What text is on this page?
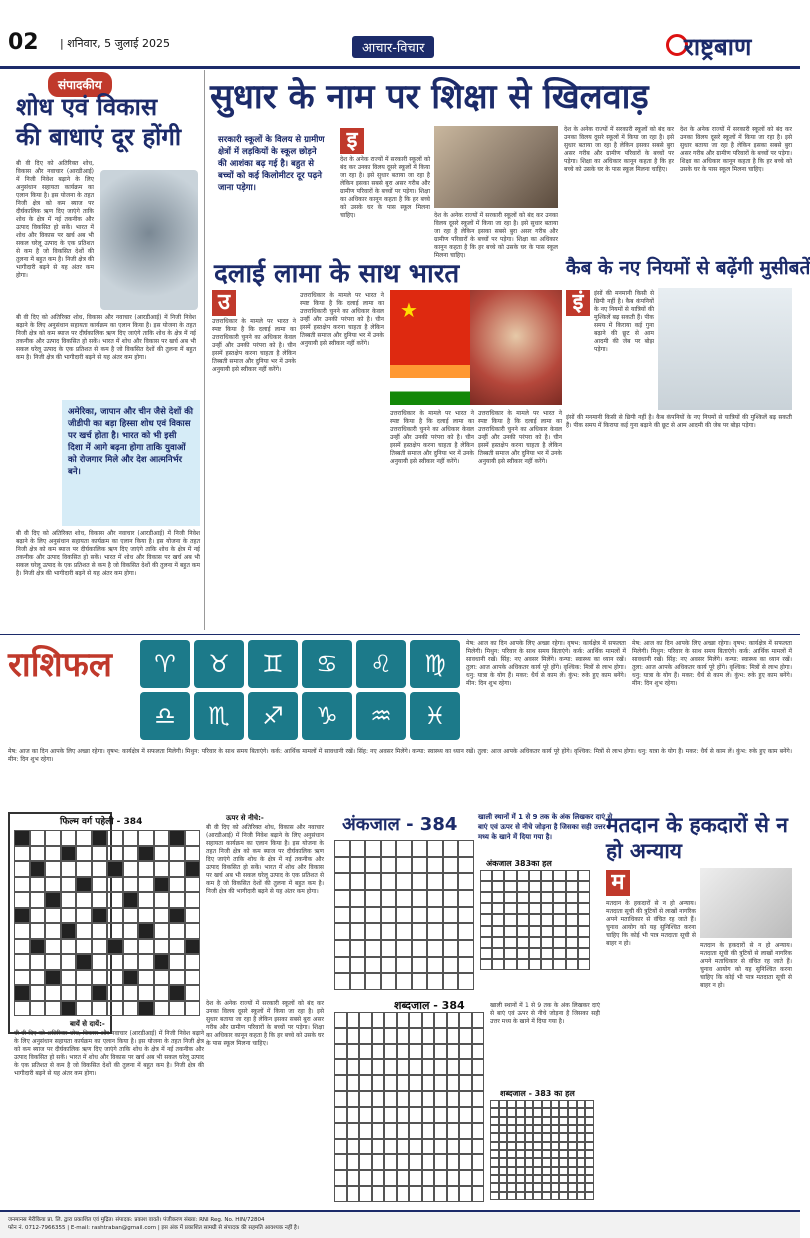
02 | शनिवार, 5 जुलाई 2025	आचार-विचार	राष्ट्रबाण
संपादकीय
शोध एवं विकास की बाधाएं दूर होंगी
बी वी दिए को अतिरिक्त शोध, विकास और नवाचार (आरडीआई) में निजी निवेश बढ़ाने के लिए अनुसंधान सहायता कार्यक्रम का एलान किया है। इस योजना के तहत निजी क्षेत्र को कम ब्याज पर दीर्घकालिक ऋण दिए जाएंगे ताकि शोध के क्षेत्र में नई तकनीक और उत्पाद विकसित हो सकें। भारत में शोध और विकास पर खर्च अब भी सकल घरेलू उत्पाद के एक प्रतिशत से कम है जो विकसित देशों की तुलना में बहुत कम है। निजी क्षेत्र की भागीदारी बढ़ने से यह अंतर कम होगा।
बी वी दिए को अतिरिक्त शोध, विकास और नवाचार (आरडीआई) में निजी निवेश बढ़ाने के लिए अनुसंधान सहायता कार्यक्रम का एलान किया है। इस योजना के तहत निजी क्षेत्र को कम ब्याज पर दीर्घकालिक ऋण दिए जाएंगे ताकि शोध के क्षेत्र में नई तकनीक और उत्पाद विकसित हो सकें। भारत में शोध और विकास पर खर्च अब भी सकल घरेलू उत्पाद के एक प्रतिशत से कम है जो विकसित देशों की तुलना में बहुत कम है। निजी क्षेत्र की भागीदारी बढ़ने से यह अंतर कम होगा।
अमेरिका, जापान और चीन जैसे देशों की जीडीपी का बड़ा हिस्सा शोध एवं विकास पर खर्च होता है। भारत को भी इसी दिशा में आगे बढ़ना होगा ताकि युवाओं को रोजगार मिले और देश आत्मनिर्भर बने।
बी वी दिए को अतिरिक्त शोध, विकास और नवाचार (आरडीआई) में निजी निवेश बढ़ाने के लिए अनुसंधान सहायता कार्यक्रम का एलान किया है। इस योजना के तहत निजी क्षेत्र को कम ब्याज पर दीर्घकालिक ऋण दिए जाएंगे ताकि शोध के क्षेत्र में नई तकनीक और उत्पाद विकसित हो सकें। भारत में शोध और विकास पर खर्च अब भी सकल घरेलू उत्पाद के एक प्रतिशत से कम है जो विकसित देशों की तुलना में बहुत कम है। निजी क्षेत्र की भागीदारी बढ़ने से यह अंतर कम होगा।
सुधार के नाम पर शिक्षा से खिलवाड़
सरकारी स्कूलों के विलय से ग्रामीण क्षेत्रों में लड़कियों के स्कूल छोड़ने की आशंका बढ़ गई है। बहुत से बच्चों को कई किलोमीटर दूर पढ़ने जाना पड़ेगा।
इ
देश के अनेक राज्यों में सरकारी स्कूलों को बंद कर उनका विलय दूसरे स्कूलों में किया जा रहा है। इसे सुधार बताया जा रहा है लेकिन इसका सबसे बुरा असर गरीब और ग्रामीण परिवारों के बच्चों पर पड़ेगा। शिक्षा का अधिकार कानून कहता है कि हर बच्चे को उसके घर के पास स्कूल मिलना चाहिए।	देश के अनेक राज्यों में सरकारी स्कूलों को बंद कर उनका विलय दूसरे स्कूलों में किया जा रहा है। इसे सुधार बताया जा रहा है लेकिन इसका सबसे बुरा असर गरीब और ग्रामीण परिवारों के बच्चों पर पड़ेगा। शिक्षा का अधिकार कानून कहता है कि हर बच्चे को उसके घर के पास स्कूल मिलना चाहिए।
देश के अनेक राज्यों में सरकारी स्कूलों को बंद कर उनका विलय दूसरे स्कूलों में किया जा रहा है। इसे सुधार बताया जा रहा है लेकिन इसका सबसे बुरा असर गरीब और ग्रामीण परिवारों के बच्चों पर पड़ेगा। शिक्षा का अधिकार कानून कहता है कि हर बच्चे को उसके घर के पास स्कूल मिलना चाहिए।
देश के अनेक राज्यों में सरकारी स्कूलों को बंद कर उनका विलय दूसरे स्कूलों में किया जा रहा है। इसे सुधार बताया जा रहा है लेकिन इसका सबसे बुरा असर गरीब और ग्रामीण परिवारों के बच्चों पर पड़ेगा। शिक्षा का अधिकार कानून कहता है कि हर बच्चे को उसके घर के पास स्कूल मिलना चाहिए।
दलाई लामा के साथ भारत
उ
उत्तराधिकार के मामले पर भारत ने स्पष्ट किया है कि दलाई लामा का उत्तराधिकारी चुनने का अधिकार केवल उन्हीं और उनकी परंपरा को है। चीन इसमें हस्तक्षेप करना चाहता है लेकिन तिब्बती समाज और दुनिया भर में उनके अनुयायी इसे स्वीकार नहीं करेंगे।
उत्तराधिकार के मामले पर भारत ने स्पष्ट किया है कि दलाई लामा का उत्तराधिकारी चुनने का अधिकार केवल उन्हीं और उनकी परंपरा को है। चीन इसमें हस्तक्षेप करना चाहता है लेकिन तिब्बती समाज और दुनिया भर में उनके अनुयायी इसे स्वीकार नहीं करेंगे।
★
उत्तराधिकार के मामले पर भारत ने स्पष्ट किया है कि दलाई लामा का उत्तराधिकारी चुनने का अधिकार केवल उन्हीं और उनकी परंपरा को है। चीन इसमें हस्तक्षेप करना चाहता है लेकिन तिब्बती समाज और दुनिया भर में उनके अनुयायी इसे स्वीकार नहीं करेंगे।
उत्तराधिकार के मामले पर भारत ने स्पष्ट किया है कि दलाई लामा का उत्तराधिकारी चुनने का अधिकार केवल उन्हीं और उनकी परंपरा को है। चीन इसमें हस्तक्षेप करना चाहता है लेकिन तिब्बती समाज और दुनिया भर में उनके अनुयायी इसे स्वीकार नहीं करेंगे।
कैब के नए नियमों से बढ़ेंगी मुसीबतें
इं	इंसों की मनमानी किसी से छिपी नहीं है। कैब कंपनियों के नए नियमों से यात्रियों की मुश्किलें बढ़ सकती हैं। पीक समय में किराया कई गुना बढ़ाने की छूट से आम आदमी की जेब पर बोझ पड़ेगा।
इंसों की मनमानी किसी से छिपी नहीं है। कैब कंपनियों के नए नियमों से यात्रियों की मुश्किलें बढ़ सकती हैं। पीक समय में किराया कई गुना बढ़ाने की छूट से आम आदमी की जेब पर बोझ पड़ेगा।
राशिफल	♈	♉	♊	♋	♌	♍
♎	♏	♐	♑	♒	♓
मेष: आज का दिन आपके लिए अच्छा रहेगा। वृषभ: कार्यक्षेत्र में सफलता मिलेगी। मिथुन: परिवार के साथ समय बिताएंगे। कर्क: आर्थिक मामलों में सावधानी रखें। सिंह: नए अवसर मिलेंगे। कन्या: स्वास्थ्य का ध्यान रखें। तुला: आज आपके अधिकतर कार्य पूरे होंगे। वृश्चिक: मित्रों से लाभ होगा। धनु: यात्रा के योग हैं। मकर: धैर्य से काम लें। कुंभ: रुके हुए काम बनेंगे। मीन: दिन शुभ रहेगा।
मेष: आज का दिन आपके लिए अच्छा रहेगा। वृषभ: कार्यक्षेत्र में सफलता मिलेगी। मिथुन: परिवार के साथ समय बिताएंगे। कर्क: आर्थिक मामलों में सावधानी रखें। सिंह: नए अवसर मिलेंगे। कन्या: स्वास्थ्य का ध्यान रखें। तुला: आज आपके अधिकतर कार्य पूरे होंगे। वृश्चिक: मित्रों से लाभ होगा। धनु: यात्रा के योग हैं। मकर: धैर्य से काम लें। कुंभ: रुके हुए काम बनेंगे। मीन: दिन शुभ रहेगा।
मेष: आज का दिन आपके लिए अच्छा रहेगा। वृषभ: कार्यक्षेत्र में सफलता मिलेगी। मिथुन: परिवार के साथ समय बिताएंगे। कर्क: आर्थिक मामलों में सावधानी रखें। सिंह: नए अवसर मिलेंगे। कन्या: स्वास्थ्य का ध्यान रखें। तुला: आज आपके अधिकतर कार्य पूरे होंगे। वृश्चिक: मित्रों से लाभ होगा। धनु: यात्रा के योग हैं। मकर: धैर्य से काम लें। कुंभ: रुके हुए काम बनेंगे। मीन: दिन शुभ रहेगा।
फिल्म वर्ग पहेली - 384	ऊपर से नीचे:-
बी वी दिए को अतिरिक्त शोध, विकास और नवाचार (आरडीआई) में निजी निवेश बढ़ाने के लिए अनुसंधान सहायता कार्यक्रम का एलान किया है। इस योजना के तहत निजी क्षेत्र को कम ब्याज पर दीर्घकालिक ऋण दिए जाएंगे ताकि शोध के क्षेत्र में नई तकनीक और उत्पाद विकसित हो सकें। भारत में शोध और विकास पर खर्च अब भी सकल घरेलू उत्पाद के एक प्रतिशत से कम है जो विकसित देशों की तुलना में बहुत कम है। निजी क्षेत्र की भागीदारी बढ़ने से यह अंतर कम होगा।
बायें से दायें:-
बी वी दिए को अतिरिक्त शोध, विकास और नवाचार (आरडीआई) में निजी निवेश बढ़ाने के लिए अनुसंधान सहायता कार्यक्रम का एलान किया है। इस योजना के तहत निजी क्षेत्र को कम ब्याज पर दीर्घकालिक ऋण दिए जाएंगे ताकि शोध के क्षेत्र में नई तकनीक और उत्पाद विकसित हो सकें। भारत में शोध और विकास पर खर्च अब भी सकल घरेलू उत्पाद के एक प्रतिशत से कम है जो विकसित देशों की तुलना में बहुत कम है। निजी क्षेत्र की भागीदारी बढ़ने से यह अंतर कम होगा।
देश के अनेक राज्यों में सरकारी स्कूलों को बंद कर उनका विलय दूसरे स्कूलों में किया जा रहा है। इसे सुधार बताया जा रहा है लेकिन इसका सबसे बुरा असर गरीब और ग्रामीण परिवारों के बच्चों पर पड़ेगा। शिक्षा का अधिकार कानून कहता है कि हर बच्चे को उसके घर के पास स्कूल मिलना चाहिए।
अंकजाल - 384	खाली स्थानों में 1 से 9 तक के अंक लिखकर दाएं से बाएं एवं ऊपर से नीचे जोड़ना है जिसका सही उत्तर मध्य के खाने में दिया गया है।
अंकजाल 383का हल
शब्दजाल - 384	खाली स्थानों में 1 से 9 तक के अंक लिखकर दाएं से बाएं एवं ऊपर से नीचे जोड़ना है जिसका सही उत्तर मध्य के खाने में दिया गया है।
शब्दजाल - 383 का हल
मतदान के हकदारों से न हो अन्याय
म
मतदान के हकदारों से न हो अन्याय। मतदाता सूची की त्रुटियों से लाखों नागरिक अपने मताधिकार से वंचित रह जाते हैं। चुनाव आयोग को यह सुनिश्चित करना चाहिए कि कोई भी पात्र मतदाता सूची से बाहर न हो।	मतदान के हकदारों से न हो अन्याय। मतदाता सूची की त्रुटियों से लाखों नागरिक अपने मताधिकार से वंचित रह जाते हैं। चुनाव आयोग को यह सुनिश्चित करना चाहिए कि कोई भी पात्र मतदाता सूची से बाहर न हो।
जनमानस मेरीकिया प्रा. लि. द्वारा प्रकाशित एवं मुद्रित। संपादक: प्रकाश वावते। पंजीकरण संख्या: RNI Reg. No. HIN/72804
फोन नं. 0712-7966355 | E-mail: rashtraban@gmail.com | इस अंक में प्रकाशित सामग्री से संपादक की सहमति आवश्यक नहीं है।
